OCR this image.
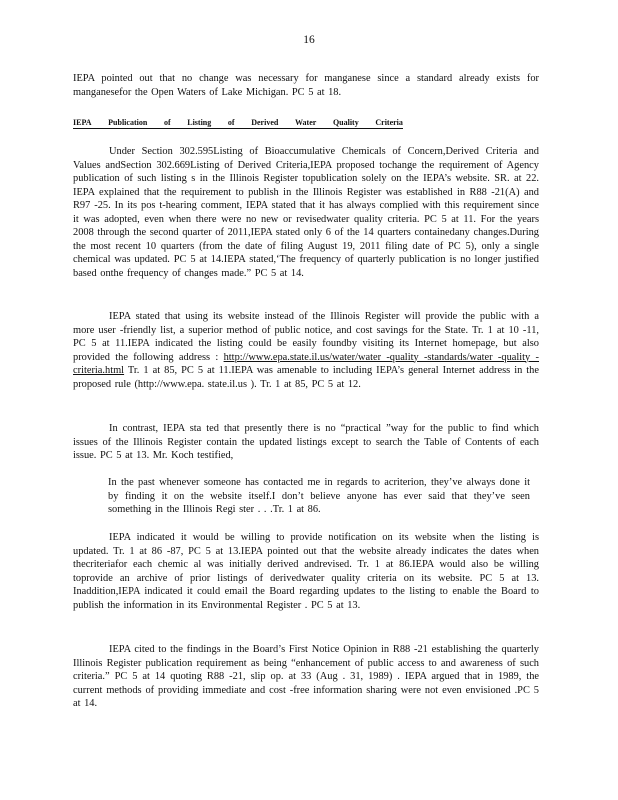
16

IEPA pointed out that no change was necessary for manganese since a standard already exists for manganesefor the Open Waters of Lake Michigan. PC 5 at 18.

IEPA Publication of Listing of Derived Water Quality Criteria

Under Section 302.595Listing of Bioaccumulative Chemicals of Concern,Derived Criteria and Values andSection 302.669Listing of Derived Criteria,IEPA proposed tochange the requirement of Agency publication of such listing s in the Illinois Register topublication solely on the IEPA’s website. SR. at 22. IEPA explained that the requirement to publish in the Illinois Register was established in R88 -21(A) and R97 -25. In its pos t-hearing comment, IEPA stated that it has always complied with this requirement since it was adopted, even when there were no new or revisedwater quality criteria. PC 5 at 11. For the years 2008 through the second quarter of 2011,IEPA stated only 6 of the 14 quarters containedany changes.During the most recent 10 quarters (from the date of filing August 19, 2011 filing date of PC 5), only a single chemical was updated. PC 5 at 14.IEPA stated,‘The frequency of quarterly publication is no longer justified based onthe frequency of changes made.” PC 5 at 14.

IEPA stated that using its website instead of the Illinois Register will provide the public with a more user -friendly list, a superior method of public notice, and cost savings for the State. Tr. 1 at 10 -11, PC 5 at 11.IEPA indicated the listing could be easily foundby visiting its Internet homepage, but also provided the following address : http://www.epa.state.il.us/water/water -quality -standards/water -quality -criteria.html Tr. 1 at 85, PC 5 at 11.IEPA was amenable to including IEPA’s general Internet address in the proposed rule (http://www.epa. state.il.us ). Tr. 1 at 85, PC 5 at 12.

In contrast, IEPA sta ted that presently there is no “practical ”way for the public to find which issues of the Illinois Register contain the updated listings except to search the Table of Contents of each issue. PC 5 at 13. Mr. Koch testified,

In the past whenever someone has contacted me in regards to acriterion, they’ve always done it by finding it on the website itself.I don’t believe anyone has ever said that they’ve seen something in the Illinois Regi ster . . .Tr. 1 at 86.

IEPA indicated it would be willing to provide notification on its website when the listing is updated. Tr. 1 at 86 -87, PC 5 at 13.IEPA pointed out that the website already indicates the dates when thecriteriafor each chemic al was initially derived andrevised. Tr. 1 at 86.IEPA would also be willing toprovide an archive of prior listings of derivedwater quality criteria on its website. PC 5 at 13. Inaddition,IEPA indicated it could email the Board regarding updates to the listing to enable the Board to publish the information in its Environmental Register . PC 5 at 13.

IEPA cited to the findings in the Board’s First Notice Opinion in R88 -21 establishing the quarterly Illinois Register publication requirement as being “enhancement of public access to and awareness of such criteria.” PC 5 at 14 quoting R88 -21, slip op. at 33 (Aug . 31, 1989) . IEPA argued that in 1989, the current methods of providing immediate and cost -free information sharing were not even envisioned .PC 5 at 14.
